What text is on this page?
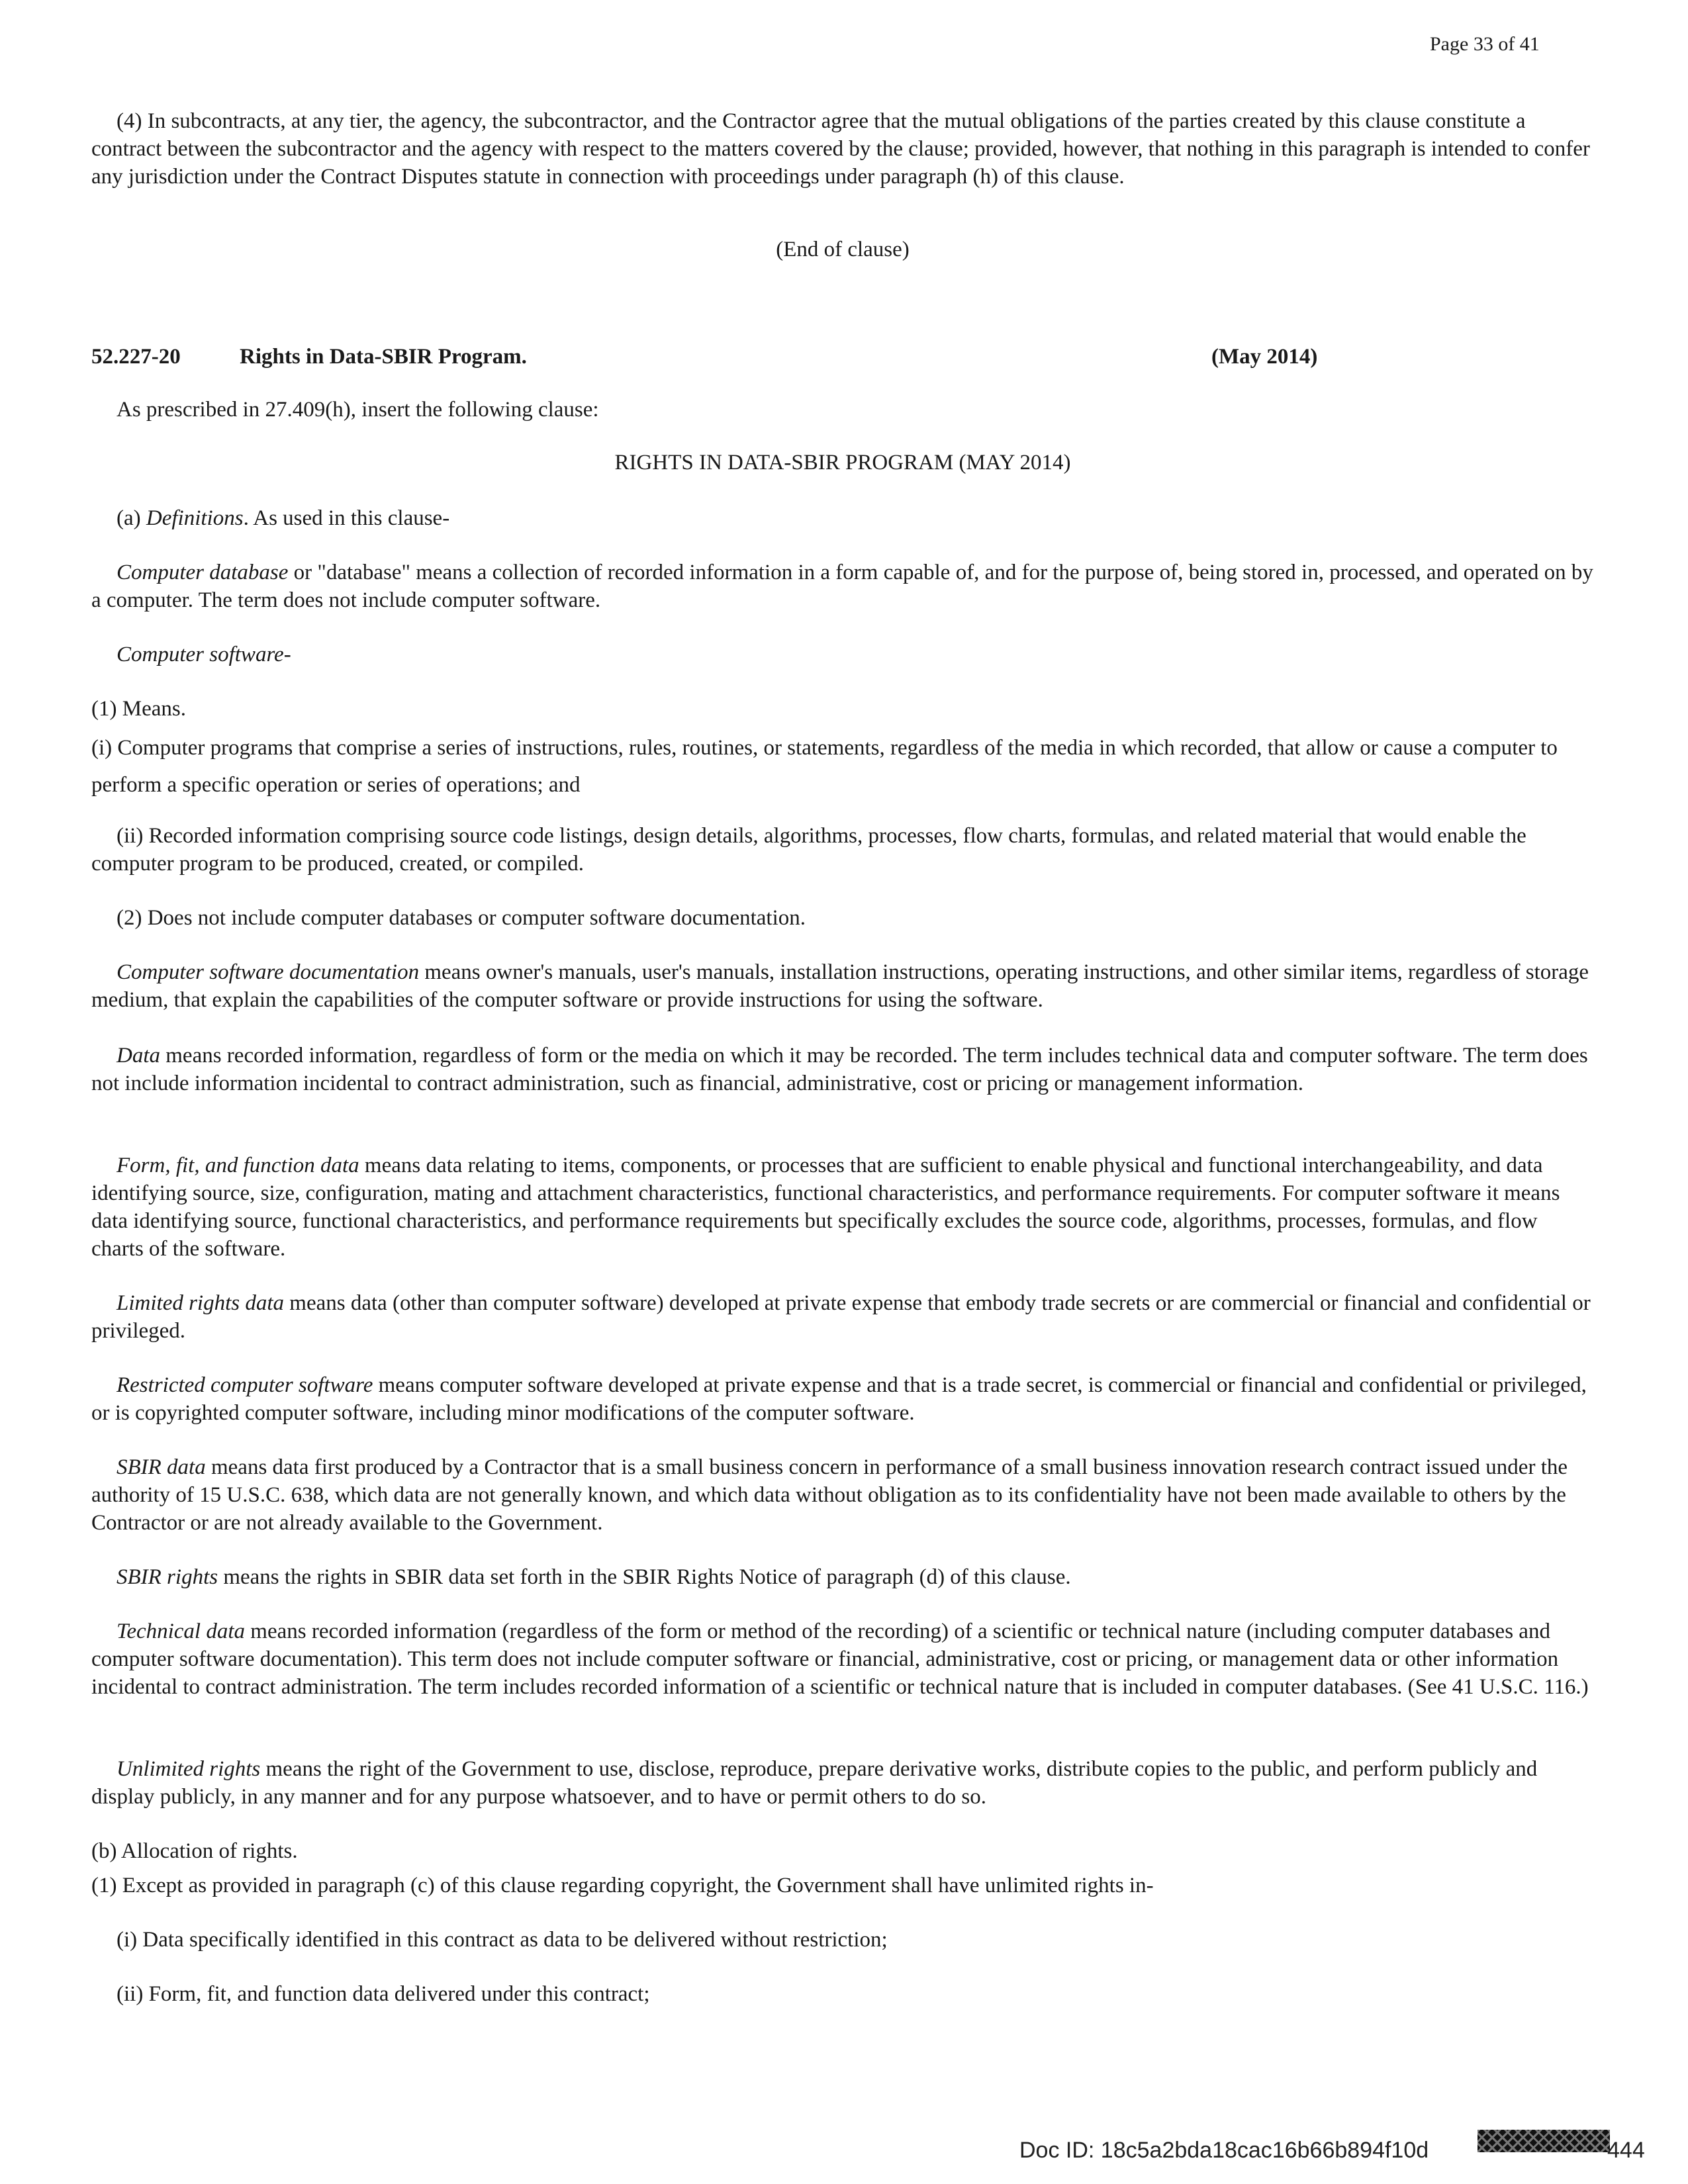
Page 33 of 41

(4) In subcontracts, at any tier, the agency, the subcontractor, and the Contractor agree that the mutual obligations of the parties created by this clause constitute a contract between the subcontractor and the agency with respect to the matters covered by the clause; provided, however, that nothing in this paragraph is intended to confer any jurisdiction under the Contract Disputes statute in connection with proceedings under paragraph (h) of this clause.

(End of clause)

52.227-20	Rights in Data-SBIR Program.	(May 2014)

As prescribed in 27.409(h), insert the following clause:

RIGHTS IN DATA-SBIR PROGRAM (MAY 2014)

(a) Definitions. As used in this clause-

Computer database or "database" means a collection of recorded information in a form capable of, and for the purpose of, being stored in, processed, and operated on by a computer. The term does not include computer software.

Computer software-

(1) Means.

(i) Computer programs that comprise a series of instructions, rules, routines, or statements, regardless of the media in which recorded, that allow or cause a computer to perform a specific operation or series of operations; and

(ii) Recorded information comprising source code listings, design details, algorithms, processes, flow charts, formulas, and related material that would enable the computer program to be produced, created, or compiled.

(2) Does not include computer databases or computer software documentation.

Computer software documentation means owner's manuals, user's manuals, installation instructions, operating instructions, and other similar items, regardless of storage medium, that explain the capabilities of the computer software or provide instructions for using the software.

Data means recorded information, regardless of form or the media on which it may be recorded. The term includes technical data and computer software. The term does not include information incidental to contract administration, such as financial, administrative, cost or pricing or management information.

Form, fit, and function data means data relating to items, components, or processes that are sufficient to enable physical and functional interchangeability, and data identifying source, size, configuration, mating and attachment characteristics, functional characteristics, and performance requirements. For computer software it means data identifying source, functional characteristics, and performance requirements but specifically excludes the source code, algorithms, processes, formulas, and flow charts of the software.

Limited rights data means data (other than computer software) developed at private expense that embody trade secrets or are commercial or financial and confidential or privileged.

Restricted computer software means computer software developed at private expense and that is a trade secret, is commercial or financial and confidential or privileged, or is copyrighted computer software, including minor modifications of the computer software.

SBIR data means data first produced by a Contractor that is a small business concern in performance of a small business innovation research contract issued under the authority of 15 U.S.C. 638, which data are not generally known, and which data without obligation as to its confidentiality have not been made available to others by the Contractor or are not already available to the Government.

SBIR rights means the rights in SBIR data set forth in the SBIR Rights Notice of paragraph (d) of this clause.

Technical data means recorded information (regardless of the form or method of the recording) of a scientific or technical nature (including computer databases and computer software documentation). This term does not include computer software or financial, administrative, cost or pricing, or management data or other information incidental to contract administration. The term includes recorded information of a scientific or technical nature that is included in computer databases. (See 41 U.S.C. 116.)

Unlimited rights means the right of the Government to use, disclose, reproduce, prepare derivative works, distribute copies to the public, and perform publicly and display publicly, in any manner and for any purpose whatsoever, and to have or permit others to do so.

(b) Allocation of rights.

(1) Except as provided in paragraph (c) of this clause regarding copyright, the Government shall have unlimited rights in-

(i) Data specifically identified in this contract as data to be delivered without restriction;

(ii) Form, fit, and function data delivered under this contract;

Doc ID: 18c5a2bda18cac16b66b894f10d	444
